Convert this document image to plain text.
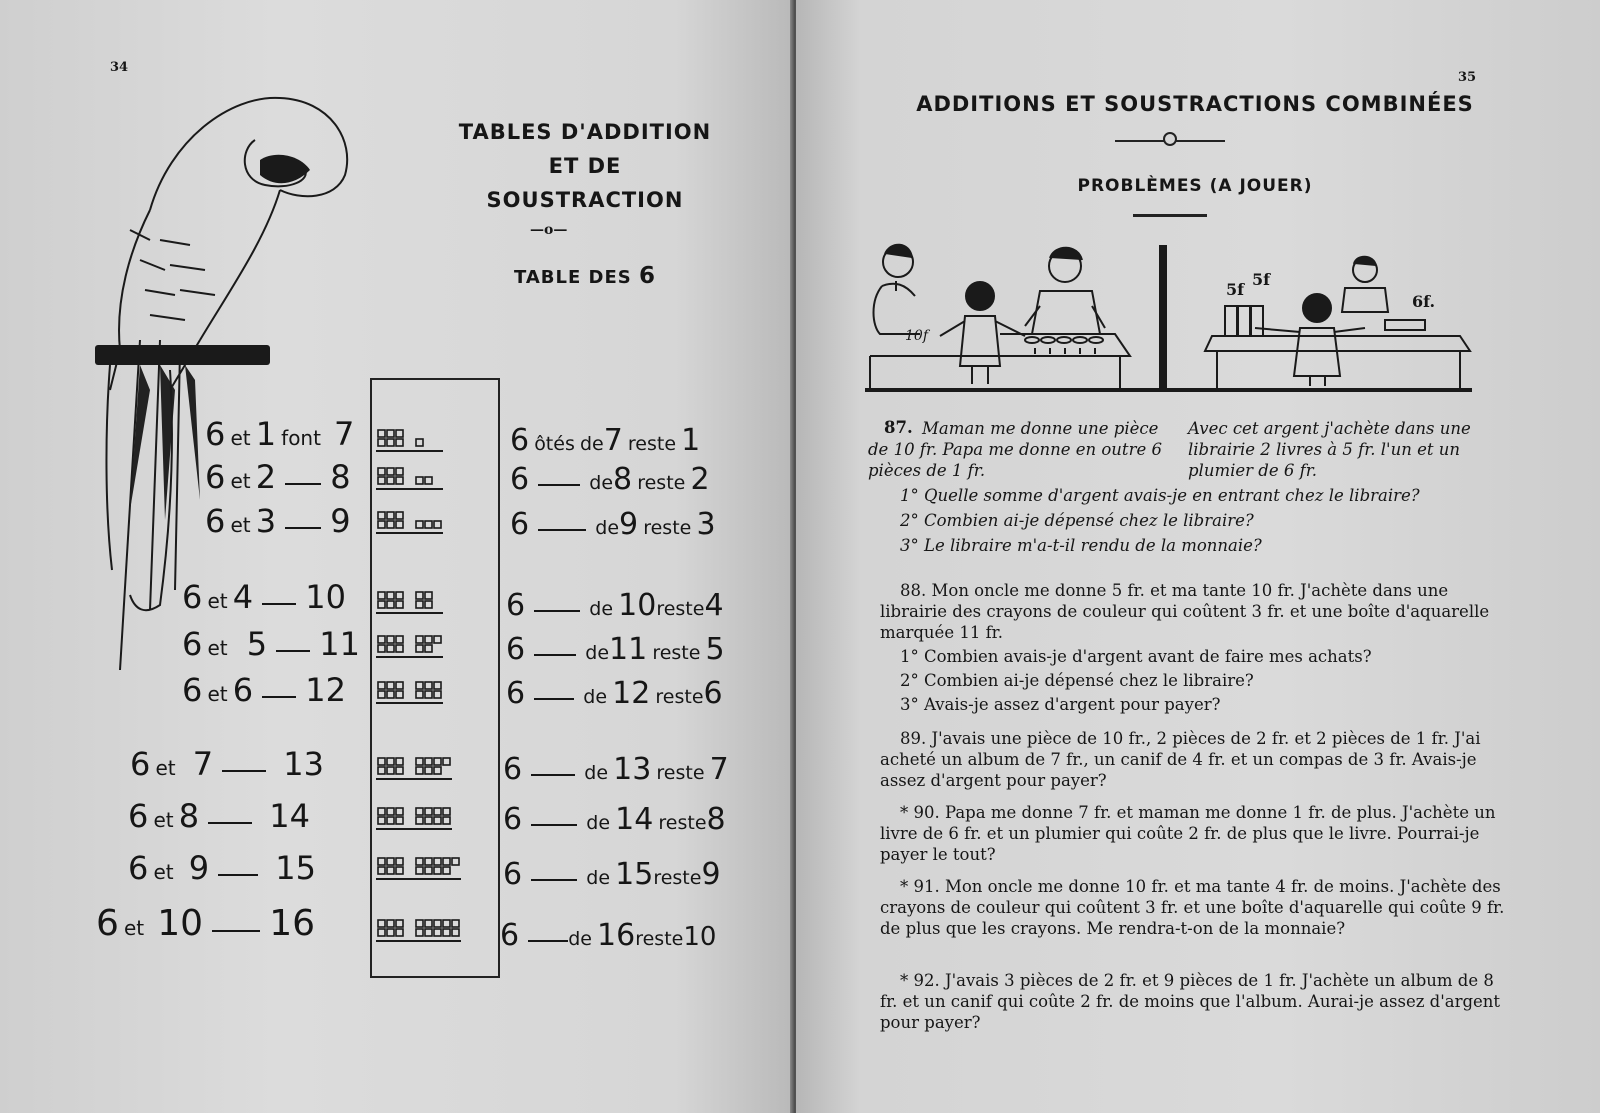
34
TABLES D'ADDITION
ET DE
SOUSTRACTION
—o—
TABLE DES 6
6 et 1 font 7
6 et 2 8
6 et 3 9
6 et 4 10
6 et 5 11
6 et 6 12
6 et 7 13
6 et 8 14
6 et 9 15
6 et 10 16
6 ôtés de7 reste 1
6	de8 reste 2
6	de9 reste 3
6	de 10reste4
6	de11 reste 5
6	de 12 reste6
6	de 13 reste 7
6	de 14 reste8
6	de 15reste9
6	de 16reste10
35
ADDITIONS ET SOUSTRACTIONS COMBINÉES
PROBLÈMES (A JOUER)
10f
5f
5f
6f.
87. Maman me donne une pièce de 10 fr. Papa me donne en outre 6 pièces de 1 fr.
Avec cet argent j'achète dans une librairie 2 livres à 5 fr. l'un et un plumier de 6 fr.

1° Quelle somme d'argent avais-je en entrant chez le libraire?

2° Combien ai-je dépensé chez le libraire?

3° Le libraire m'a-t-il rendu de la monnaie?

88. Mon oncle me donne 5 fr. et ma tante 10 fr. J'achète dans une librairie des crayons de couleur qui coûtent 3 fr. et une boîte d'aquarelle marquée 11 fr.

1° Combien avais-je d'argent avant de faire mes achats?

2° Combien ai-je dépensé chez le libraire?

3° Avais-je assez d'argent pour payer?

89. J'avais une pièce de 10 fr., 2 pièces de 2 fr. et 2 pièces de 1 fr. J'ai acheté un album de 7 fr., un canif de 4 fr. et un compas de 3 fr. Avais-je assez d'argent pour payer?

* 90. Papa me donne 7 fr. et maman me donne 1 fr. de plus. J'achète un livre de 6 fr. et un plumier qui coûte 2 fr. de plus que le livre. Pourrai-je payer le tout?

* 91. Mon oncle me donne 10 fr. et ma tante 4 fr. de moins. J'achète des crayons de couleur qui coûtent 3 fr. et une boîte d'aquarelle qui coûte 9 fr. de plus que les crayons. Me rendra-t-on de la monnaie?

* 92. J'avais 3 pièces de 2 fr. et 9 pièces de 1 fr. J'achète un album de 8 fr. et un canif qui coûte 2 fr. de moins que l'album. Aurai-je assez d'argent pour payer?
